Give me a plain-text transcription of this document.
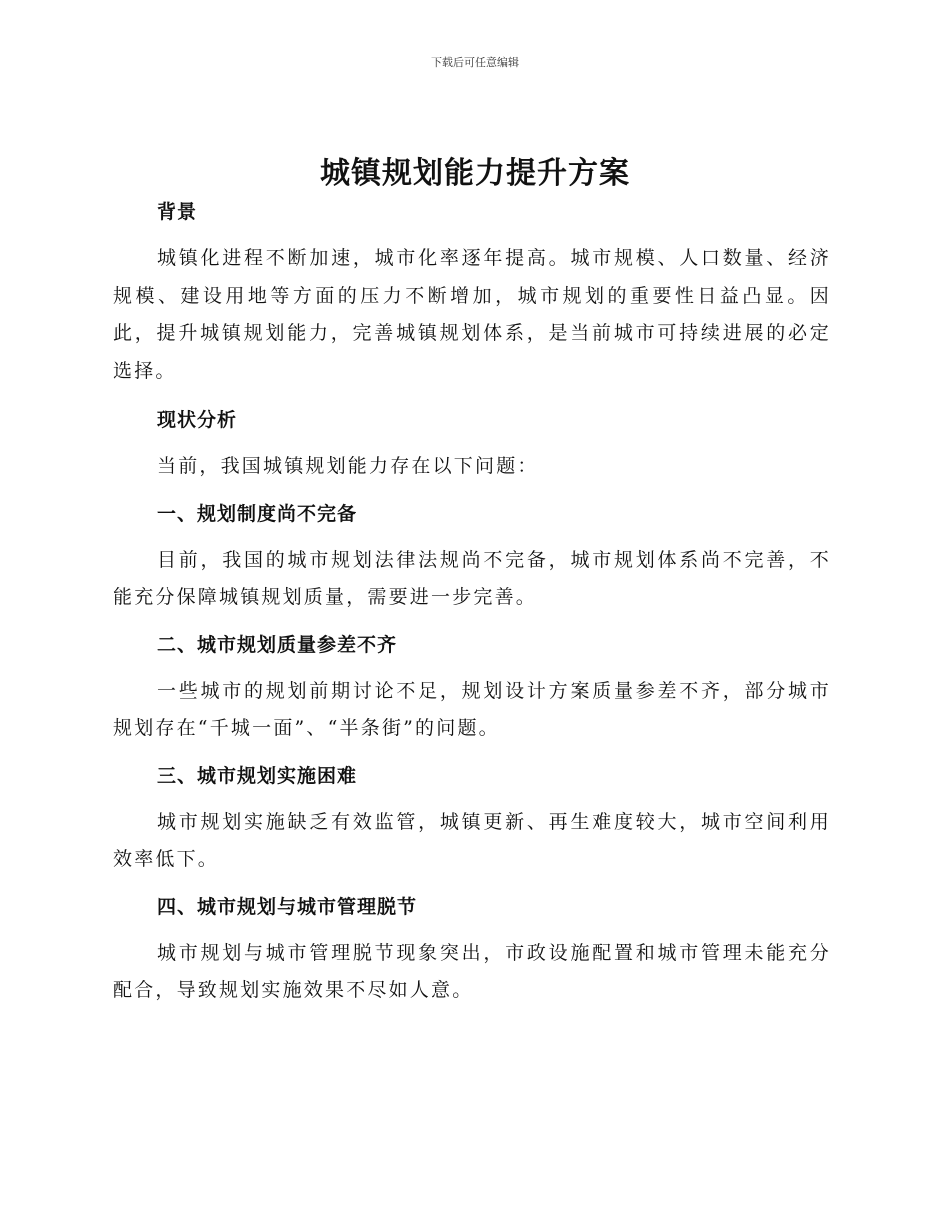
下载后可任意编辑
城镇规划能力提升方案
背景

城镇化进程不断加速，城市化率逐年提高。城市规模、人口数量、经济规模、建设用地等方面的压力不断增加，城市规划的重要性日益凸显。因此，提升城镇规划能力，完善城镇规划体系，是当前城市可持续进展的必定选择。

现状分析

当前，我国城镇规划能力存在以下问题：

一、规划制度尚不完备

目前，我国的城市规划法律法规尚不完备，城市规划体系尚不完善，不能充分保障城镇规划质量，需要进一步完善。

二、城市规划质量参差不齐

一些城市的规划前期讨论不足，规划设计方案质量参差不齐，部分城市规划存在“千城一面”、“半条街”的问题。

三、城市规划实施困难

城市规划实施缺乏有效监管，城镇更新、再生难度较大，城市空间利用效率低下。

四、城市规划与城市管理脱节

城市规划与城市管理脱节现象突出，市政设施配置和城市管理未能充分配合，导致规划实施效果不尽如人意。
